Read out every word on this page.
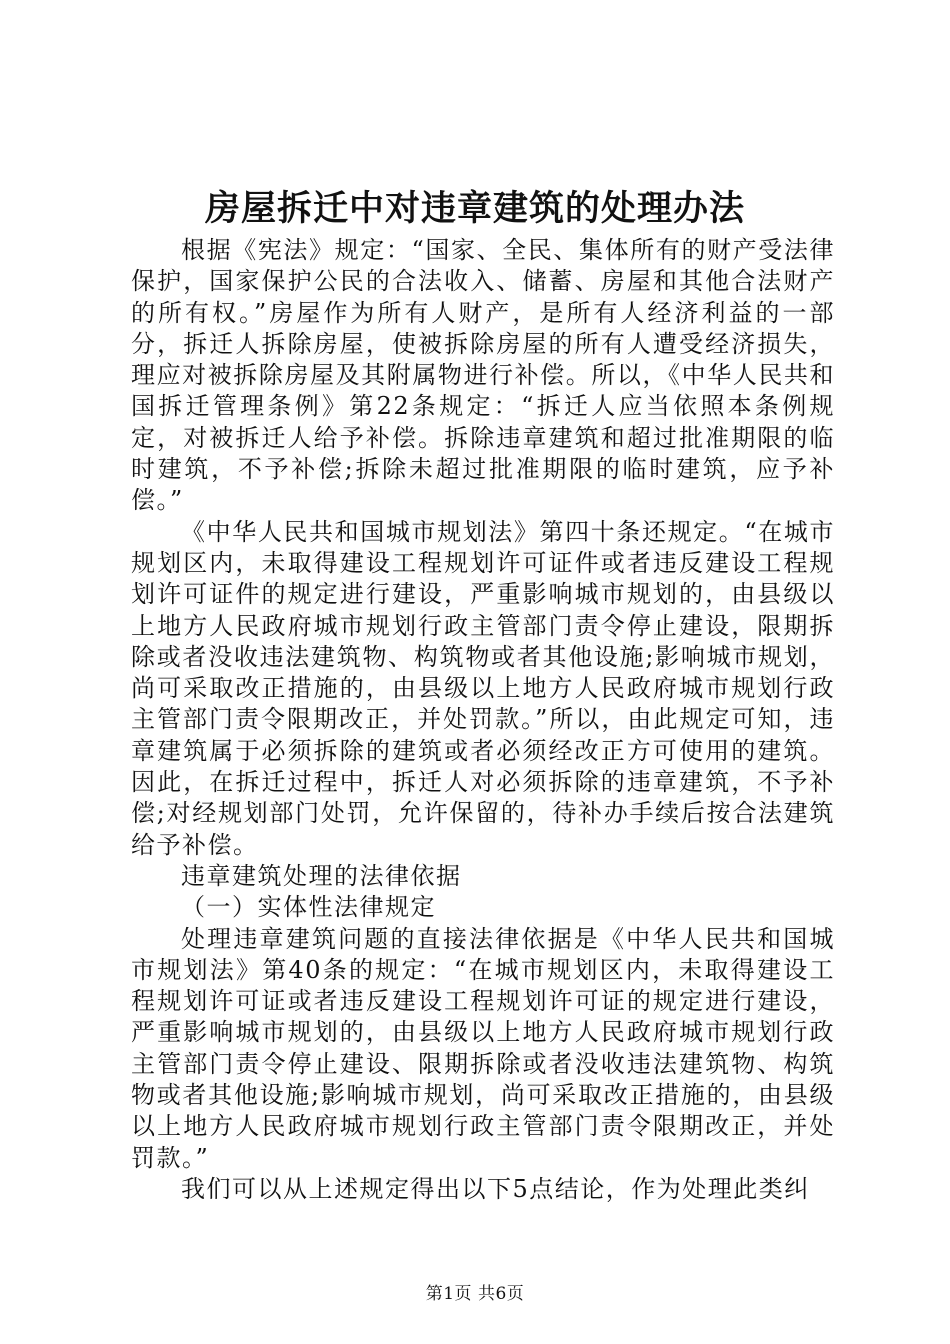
房屋拆迁中对违章建筑的处理办法

根据《宪法》规定：“国家、全民、集体所有的财产受法律保护，国家保护公民的合法收入、储蓄、房屋和其他合法财产的所有权。”房屋作为所有人财产，是所有人经济利益的一部分，拆迁人拆除房屋，使被拆除房屋的所有人遭受经济损失，理应对被拆除房屋及其附属物进行补偿。所以，《中华人民共和国拆迁管理条例》第22条规定：“拆迁人应当依照本条例规定，对被拆迁人给予补偿。拆除违章建筑和超过批准期限的临时建筑，不予补偿;拆除未超过批准期限的临时建筑，应予补偿。”

《中华人民共和国城市规划法》第四十条还规定。“在城市规划区内，未取得建设工程规划许可证件或者违反建设工程规划许可证件的规定进行建设，严重影响城市规划的，由县级以上地方人民政府城市规划行政主管部门责令停止建设，限期拆除或者没收违法建筑物、构筑物或者其他设施;影响城市规划，尚可采取改正措施的，由县级以上地方人民政府城市规划行政主管部门责令限期改正，并处罚款。”所以，由此规定可知，违章建筑属于必须拆除的建筑或者必须经改正方可使用的建筑。因此，在拆迁过程中，拆迁人对必须拆除的违章建筑，不予补偿;对经规划部门处罚，允许保留的，待补办手续后按合法建筑给予补偿。

违章建筑处理的法律依据

（一）实体性法律规定

处理违章建筑问题的直接法律依据是《中华人民共和国城市规划法》第40条的规定：“在城市规划区内，未取得建设工程规划许可证或者违反建设工程规划许可证的规定进行建设，严重影响城市规划的，由县级以上地方人民政府城市规划行政主管部门责令停止建设、限期拆除或者没收违法建筑物、构筑物或者其他设施;影响城市规划，尚可采取改正措施的，由县级以上地方人民政府城市规划行政主管部门责令限期改正，并处罚款。”

我们可以从上述规定得出以下5点结论，作为处理此类纠

第1页 共6页
